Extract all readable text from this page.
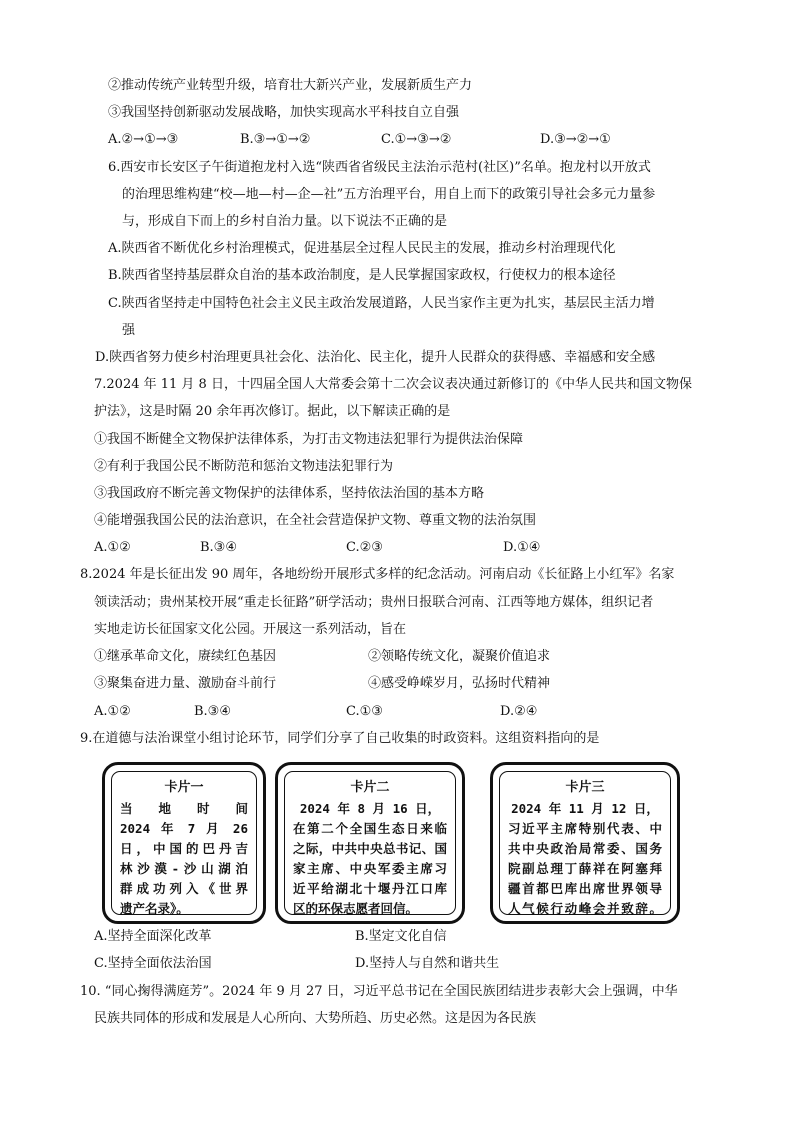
②推动传统产业转型升级，培育壮大新兴产业，发展新质生产力
③我国坚持创新驱动发展战略，加快实现高水平科技自立自强
A.②→①→③	B.③→①→②	C.①→③→②	D.③→②→①
6.西安市长安区子午街道抱龙村入选“陕西省省级民主法治示范村(社区)”名单。抱龙村以开放式
的治理思维构建“校—地—村—企—社”五方治理平台，用自上而下的政策引导社会多元力量参
与，形成自下而上的乡村自治力量。以下说法不正确的是
A.陕西省不断优化乡村治理模式，促进基层全过程人民民主的发展，推动乡村治理现代化
B.陕西省坚持基层群众自治的基本政治制度，是人民掌握国家政权，行使权力的根本途径
C.陕西省坚持走中国特色社会主义民主政治发展道路，人民当家作主更为扎实，基层民主活力增
强
D.陕西省努力使乡村治理更具社会化、法治化、民主化，提升人民群众的获得感、幸福感和安全感
7.2024 年 11 月 8 日，十四届全国人大常委会第十二次会议表决通过新修订的《中华人民共和国文物保
护法》，这是时隔 20 余年再次修订。据此，以下解读正确的是
①我国不断健全文物保护法律体系，为打击文物违法犯罪行为提供法治保障
②有利于我国公民不断防范和惩治文物违法犯罪行为
③我国政府不断完善文物保护的法律体系，坚持依法治国的基本方略
④能增强我国公民的法治意识，在全社会营造保护文物、尊重文物的法治氛围
A.①②	B.③④	C.②③	D.①④
8.2024 年是长征出发 90 周年，各地纷纷开展形式多样的纪念活动。河南启动《长征路上小红军》名家
领读活动；贵州某校开展“重走长征路”研学活动；贵州日报联合河南、江西等地方媒体，组织记者
实地走访长征国家文化公园。开展这一系列活动，旨在
①继承革命文化，赓续红色基因	②领略传统文化，凝聚价值追求
③聚集奋进力量、激励奋斗前行	④感受峥嵘岁月，弘扬时代精神
A.①②	B.③④	C.①③	D.②④
9.在道德与法治课堂小组讨论环节，同学们分享了自己收集的时政资料。这组资料指向的是
卡片一
当 地 时 间
2024 年 7 月 26
日，中国的巴丹吉
林沙漠-沙山湖泊
群成功列入《世界
遗产名录》。
卡片二
2024 年 8 月 16 日，
在第二个全国生态日来临
之际，中共中央总书记、国
家主席、中央军委主席习
近平给湖北十堰丹江口库
区的环保志愿者回信。
卡片三
2024 年 11 月 12 日，
习近平主席特别代表、中
共中央政治局常委、国务
院副总理丁薛祥在阿塞拜
疆首都巴库出席世界领导
人气候行动峰会并致辞。
A.坚持全面深化改革	B.坚定文化自信
C.坚持全面依法治国	D.坚持人与自然和谐共生
10. “同心掬得满庭芳”。2024 年 9 月 27 日，习近平总书记在全国民族团结进步表彰大会上强调，中华
民族共同体的形成和发展是人心所向、大势所趋、历史必然。这是因为各民族
